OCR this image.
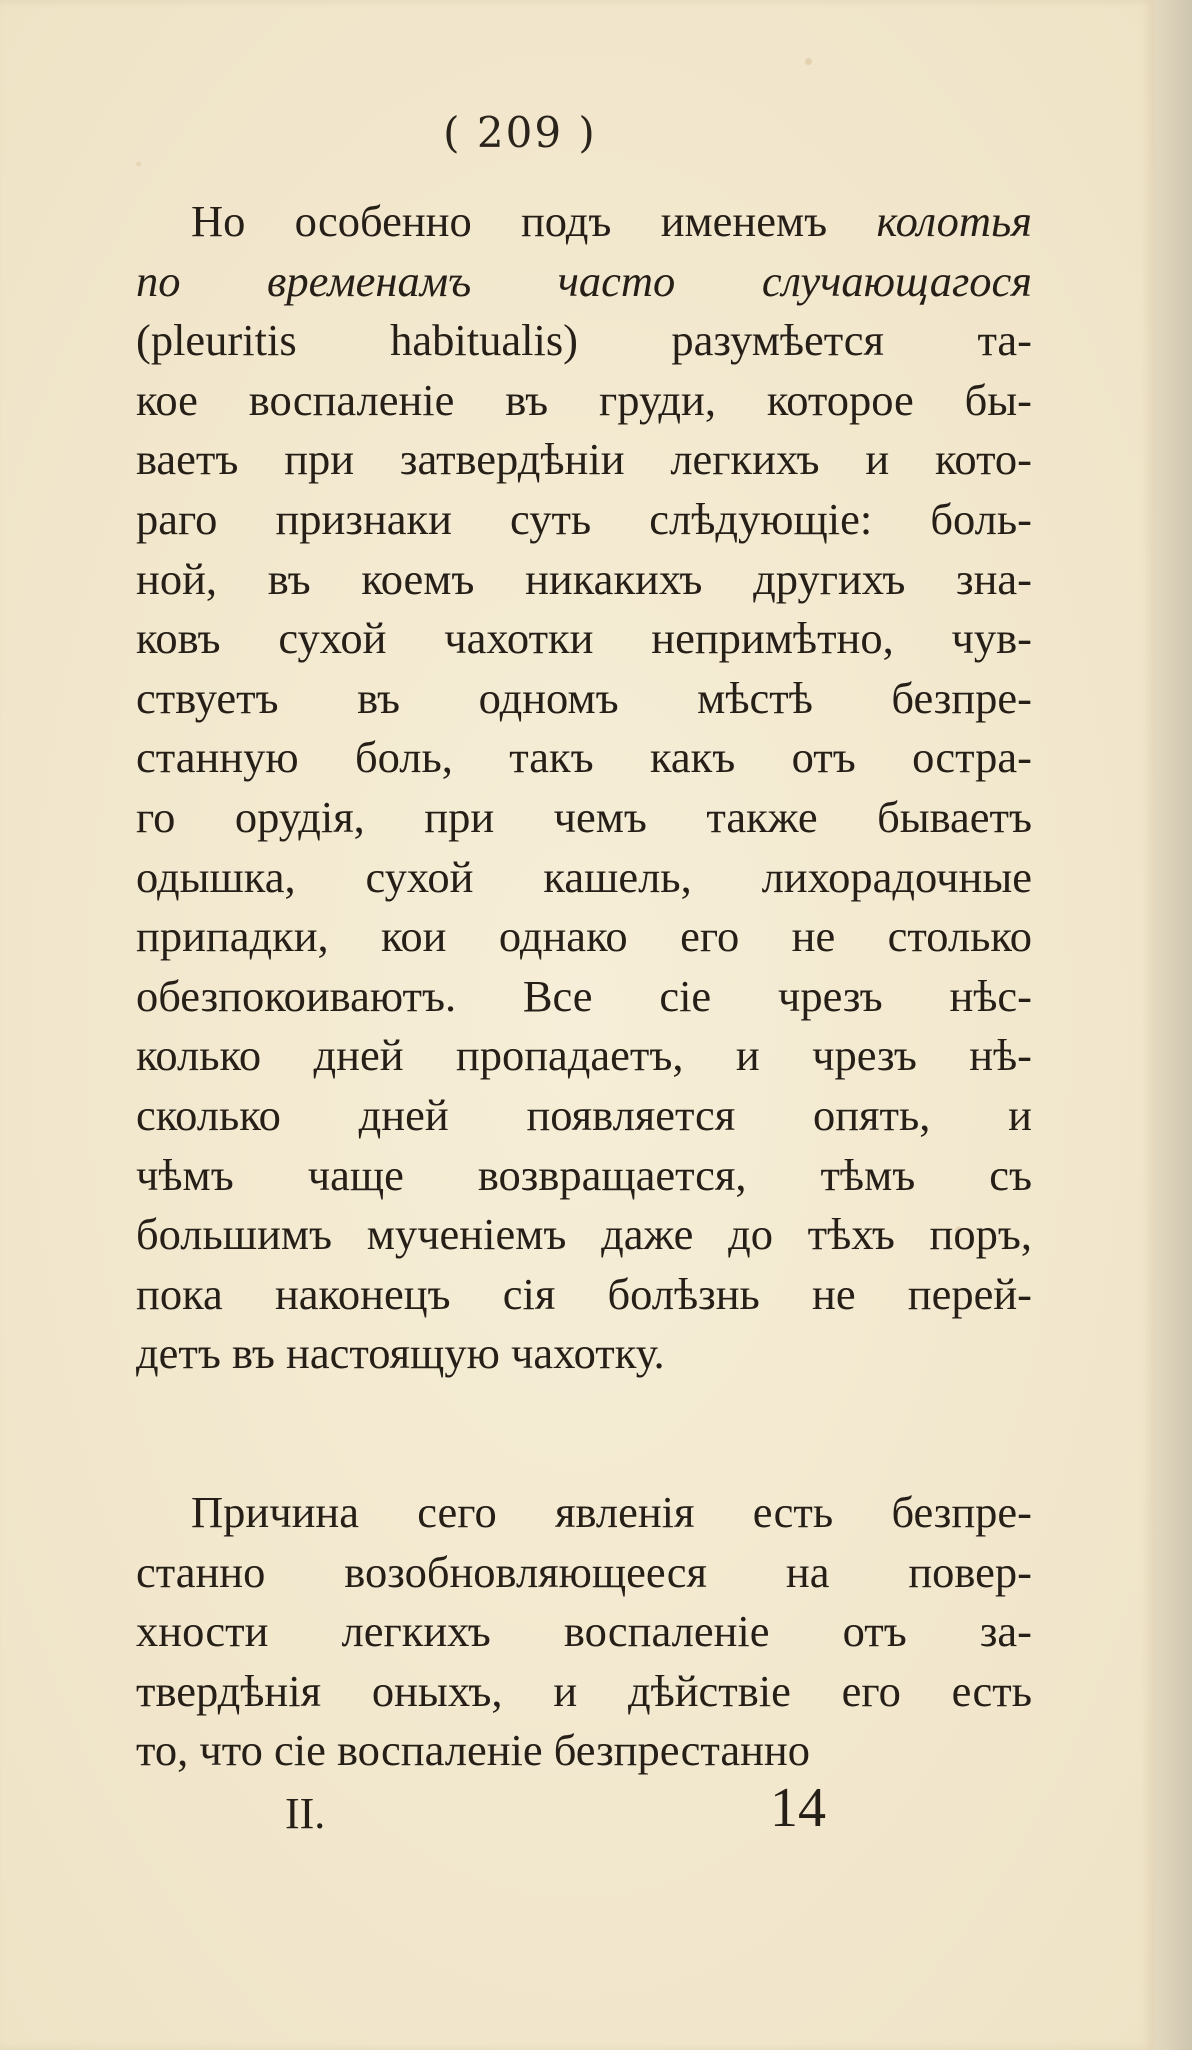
( 209 )
Но особенно подъ именемъ колотья
по временамъ часто случающагося
(pleuritis habitualis) разумѣется та-
кое воспаленіе въ груди, которое бы-
ваетъ при затвердѣніи легкихъ и кото-
раго признаки суть слѣдующіе: боль-
ной, въ коемъ никакихъ другихъ зна-
ковъ сухой чахотки непримѣтно, чув-
ствуетъ въ одномъ мѣстѣ безпре-
станную боль, такъ какъ отъ остра-
го орудія, при чемъ также бываетъ
одышка, сухой кашель, лихорадочные
припадки, кои однако его не столько
обезпокоиваютъ. Все сіе чрезъ нѣс-
колько дней пропадаетъ, и чрезъ нѣ-
сколько дней появляется опять, и
чѣмъ чаще возвращается, тѣмъ съ
большимъ мученіемъ даже до тѣхъ поръ,
пока наконецъ сія болѣзнь не перей-
детъ въ настоящую чахотку.
Причина сего явленія есть безпре-
станно возобновляющееся на повер-
хности легкихъ воспаленіе отъ за-
твердѣнія оныхъ, и дѣйствіе его есть
то, что сіе воспаленіе безпрестанно
II.	14
